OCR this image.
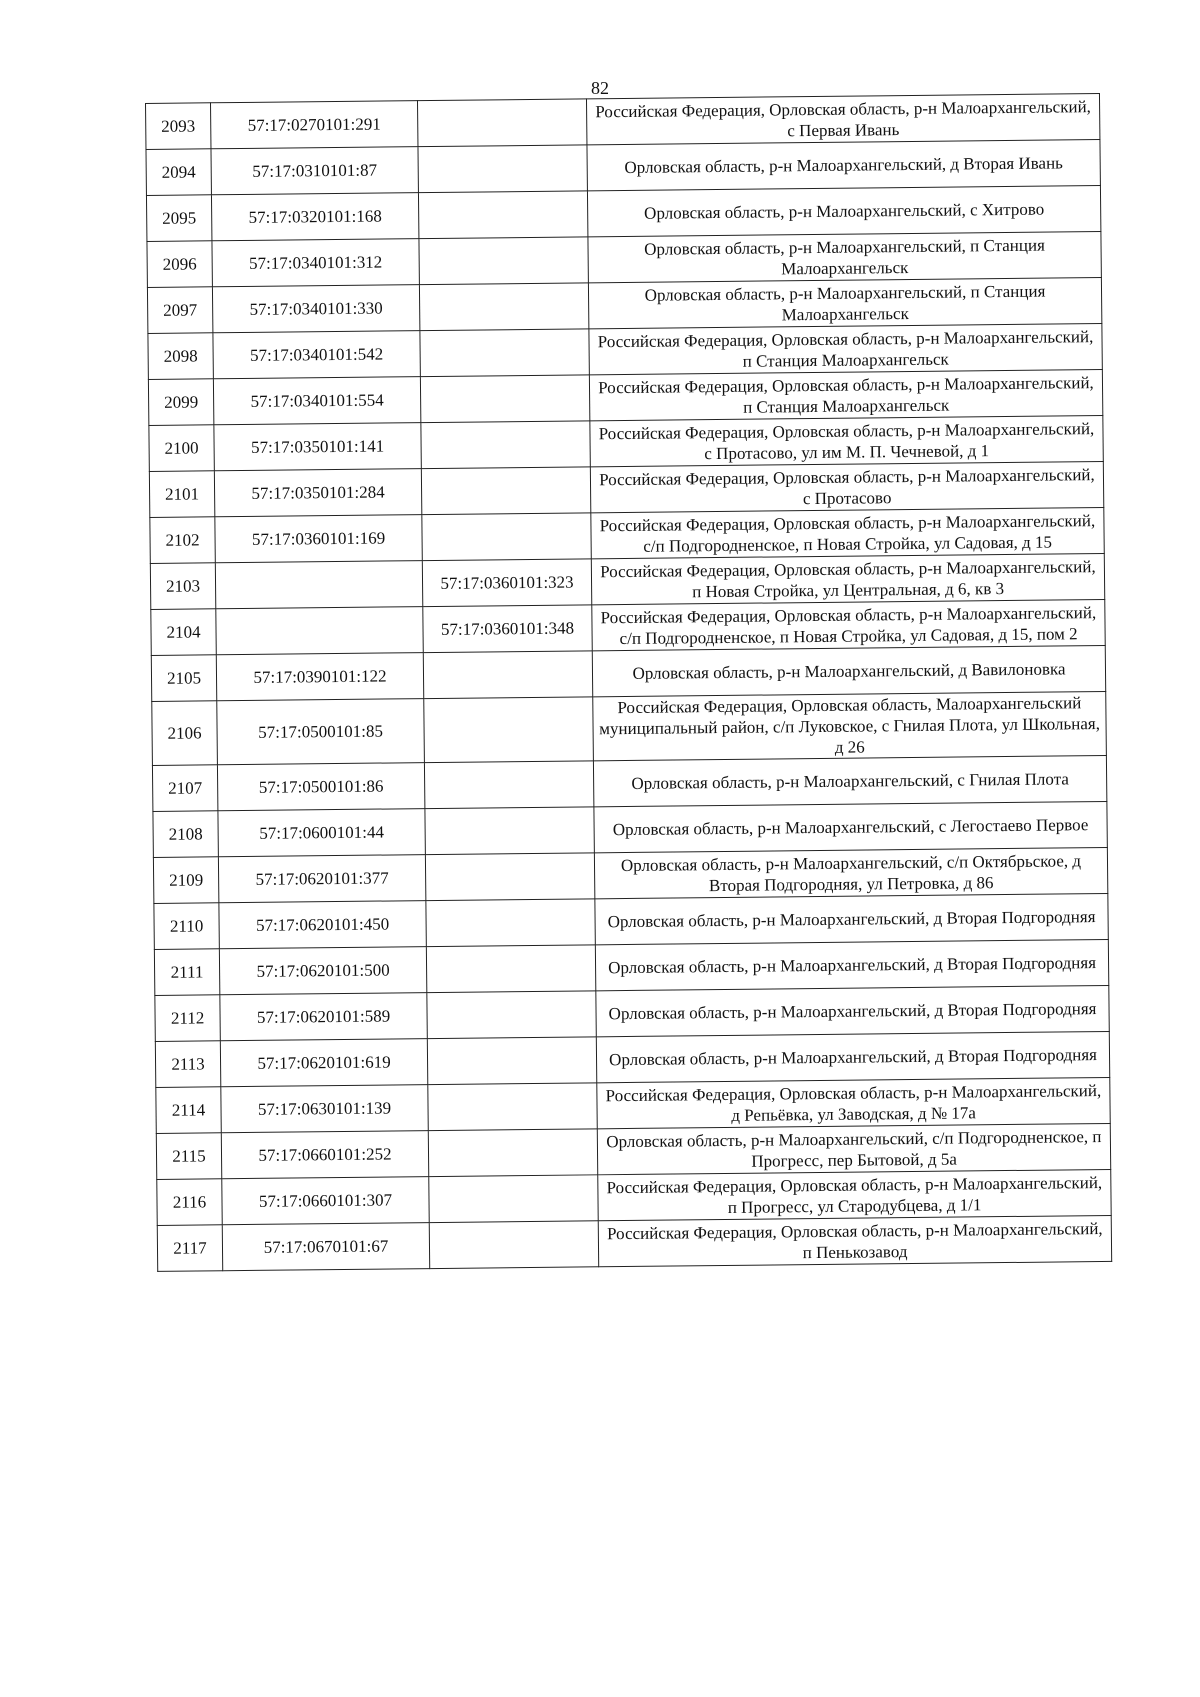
82
2093	57:17:0270101:291		Российская Федерация, Орловская область, р-н Малоархангельский, с Первая Ивань
2094	57:17:0310101:87		Орловская область, р-н Малоархангельский, д Вторая Ивань
2095	57:17:0320101:168		Орловская область, р-н Малоархангельский, с Хитрово
2096	57:17:0340101:312		Орловская область, р-н Малоархангельский, п Станция Малоархангельск
2097	57:17:0340101:330		Орловская область, р-н Малоархангельский, п Станция Малоархангельск
2098	57:17:0340101:542		Российская Федерация, Орловская область, р-н Малоархангельский, п Станция Малоархангельск
2099	57:17:0340101:554		Российская Федерация, Орловская область, р-н Малоархангельский, п Станция Малоархангельск
2100	57:17:0350101:141		Российская Федерация, Орловская область, р-н Малоархангельский, с Протасово, ул им М. П. Чечневой, д 1
2101	57:17:0350101:284		Российская Федерация, Орловская область, р-н Малоархангельский, с Протасово
2102	57:17:0360101:169		Российская Федерация, Орловская область, р-н Малоархангельский, с/п Подгородненское, п Новая Стройка, ул Садовая, д 15
2103		57:17:0360101:323	Российская Федерация, Орловская область, р-н Малоархангельский, п Новая Стройка, ул Центральная, д 6, кв 3
2104		57:17:0360101:348	Российская Федерация, Орловская область, р-н Малоархангельский, с/п Подгородненское, п Новая Стройка, ул Садовая, д 15, пом 2
2105	57:17:0390101:122		Орловская область, р-н Малоархангельский, д Вавилоновка
2106	57:17:0500101:85		Российская Федерация, Орловская область, Малоархангельский муниципальный район, с/п Луковское, с Гнилая Плота, ул Школьная, д 26
2107	57:17:0500101:86		Орловская область, р-н Малоархангельский, с Гнилая Плота
2108	57:17:0600101:44		Орловская область, р-н Малоархангельский, с Легостаево Первое
2109	57:17:0620101:377		Орловская область, р-н Малоархангельский, с/п Октябрьское, д Вторая Подгородняя, ул Петровка, д 86
2110	57:17:0620101:450		Орловская область, р-н Малоархангельский, д Вторая Подгородняя
2111	57:17:0620101:500		Орловская область, р-н Малоархангельский, д Вторая Подгородняя
2112	57:17:0620101:589		Орловская область, р-н Малоархангельский, д Вторая Подгородняя
2113	57:17:0620101:619		Орловская область, р-н Малоархангельский, д Вторая Подгородняя
2114	57:17:0630101:139		Российская Федерация, Орловская область, р-н Малоархангельский, д Репьёвка, ул Заводская, д № 17а
2115	57:17:0660101:252		Орловская область, р-н Малоархангельский, с/п Подгородненское, п Прогресс, пер Бытовой, д 5а
2116	57:17:0660101:307		Российская Федерация, Орловская область, р-н Малоархангельский, п Прогресс, ул Стародубцева, д 1/1
2117	57:17:0670101:67		Российская Федерация, Орловская область, р-н Малоархангельский, п Пенькозавод
